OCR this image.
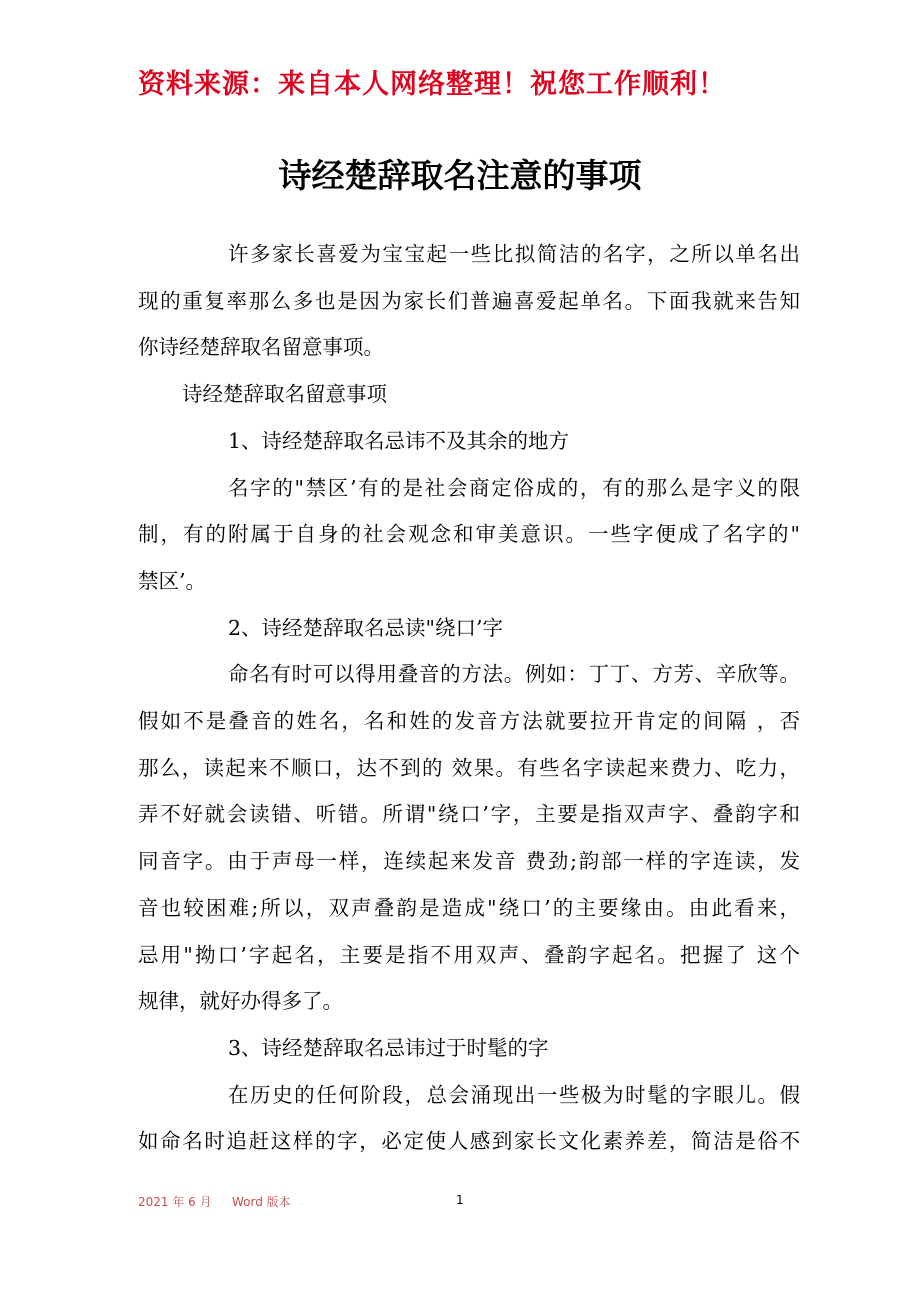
资料来源：来自本人网络整理！祝您工作顺利！
诗经楚辞取名注意的事项
许多家长喜爱为宝宝起一些比拟简洁的名字，之所以单名出
现的重复率那么多也是因为家长们普遍喜爱起单名。下面我就来告知
你诗经楚辞取名留意事项。
诗经楚辞取名留意事项
1、诗经楚辞取名忌讳不及其余的地方
名字的"禁区’有的是社会商定俗成的，有的那么是字义的限
制，有的附属于自身的社会观念和审美意识。一些字便成了名字的"
禁区’。
2、诗经楚辞取名忌读"绕口’字
命名有时可以得用叠音的方法。例如：丁丁、方芳、辛欣等。
假如不是叠音的姓名，名和姓的发音方法就要拉开肯定的间隔 ，否
那么，读起来不顺口，达不到的 效果。有些名字读起来费力、吃力，
弄不好就会读错、听错。所谓"绕口’字，主要是指双声字、叠韵字和
同音字。由于声母一样，连续起来发音 费劲;韵部一样的字连读，发
音也较困难;所以，双声叠韵是造成"绕口’的主要缘由。由此看来，
忌用"拗口’字起名，主要是指不用双声、叠韵字起名。把握了 这个
规律，就好办得多了。
3、诗经楚辞取名忌讳过于时髦的字
在历史的任何阶段，总会涌现出一些极为时髦的字眼儿。假
如命名时追赶这样的字，必定使人感到家长文化素养差，简洁是俗不
2021 年 6 月 Word 版本	1
